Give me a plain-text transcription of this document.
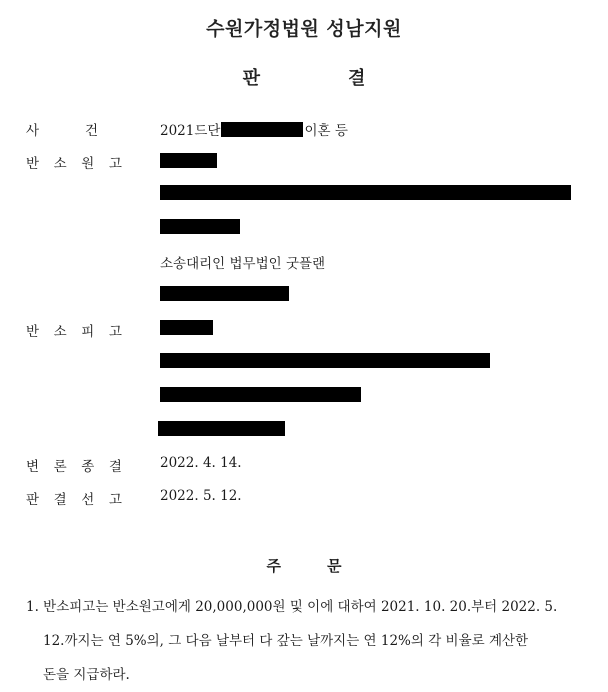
수원가정법원 성남지원
판	결
사	건	2021드단	이혼 등
반 소 원 고
소송대리인 법무법인 굿플랜
반 소 피 고
변 론 종 결	2022. 4. 14.
판 결 선 고	2022. 5. 12.
주	문
1. 반소피고는 반소원고에게 20,000,000원 및 이에 대하여 2021. 10. 20.부터 2022. 5.
12.까지는 연 5%의, 그 다음 날부터 다 갚는 날까지는 연 12%의 각 비율로 계산한
돈을 지급하라.
